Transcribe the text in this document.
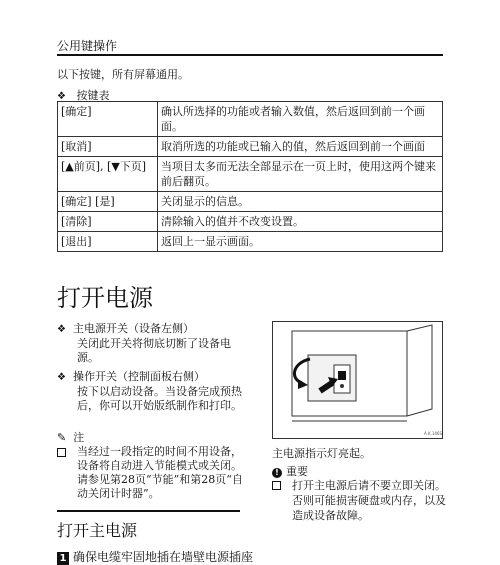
公用键操作
以下按键，所有屏幕通用。
❖ 按键表
[确定]	确认所选择的功能或者输入数值，然后返回到前一个画面。
[取消]	取消所选的功能或已输入的值，然后返回到前一个画面
[▲前页], [▼下页]	当项目太多而无法全部显示在一页上时，使用这两个键来前后翻页。
[确定] [是]	关闭显示的信息。
[清除]	清除输入的值并不改变设置。
[退出]	返回上一显示画面。
打开电源
❖ 主电源开关（设备左侧）
关闭此开关将彻底切断了设备电源。
❖ 操作开关（控制面板右侧）
按下以启动设备。当设备完成预热后，你可以开始版纸制作和打印。
✎ 注
当经过一段指定的时间不用设备，设备将自动进入节能模式或关闭。请参见第28页“节能”和第28页“自动关闭计时器”。
打开主电源
1 确保电缆牢固地插在墙壁电源插座
A.K.146S
主电源指示灯亮起。
! 重要
打开主电源后请不要立即关闭。否则可能损害硬盘或内存，以及造成设备故障。
